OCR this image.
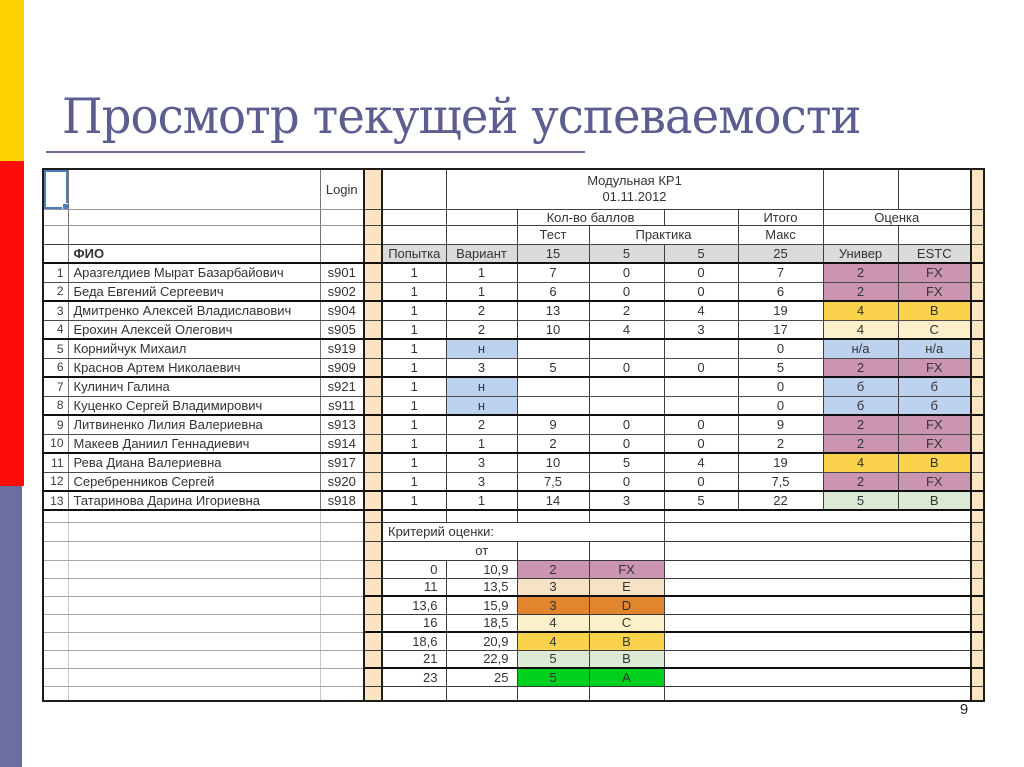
Просмотр текущей успеваемости
		Login			Модульная КР1
01.11.2012							

						Кол-во баллов			Итого	Оценка		
						Тест	Практика		Макс			
	ФИО			Попытка	Вариант	15	5	5	25	Универ	ESTC	
1	Аразгелдиев Мырат Базарбайович	s901		1	1	7	0	0	7	2	FX	
2	Беда Евгений Сергеевич	s902		1	1	6	0	0	6	2	FX	
3	Дмитренко Алексей Владиславович	s904		1	2	13	2	4	19	4	B	
4	Ерохин Алексей Олегович	s905		1	2	10	4	3	17	4	C	
5	Корнийчук Михаил	s919		1	н				0	н/а	н/а	
6	Краснов Артем Николаевич	s909		1	3	5	0	0	5	2	FX	
7	Кулинич Галина	s921		1	н				0	б	б	
8	Куценко Сергей Владимирович	s911		1	н				0	б	б	
9	Литвиненко Лилия Валериевна	s913		1	2	9	0	0	9	2	FX	
10	Макеев Даниил Геннадиевич	s914		1	1	2	0	0	2	2	FX	
11	Рева Диана Валериевна	s917		1	3	10	5	4	19	4	B	
12	Серебренников Сергей	s920		1	3	7,5	0	0	7,5	2	FX	
13	Татаринова Дарина Игориевна	s918		1	1	14	3	5	22	5	B	

				Критерий оценки:								
				от								
				0	10,9	2	FX					
				11	13,5	3	E					
				13,6	15,9	3	D					
				16	18,5	4	C					
				18,6	20,9	4	B					
				21	22,9	5	B					
				23	25	5	A					

9
